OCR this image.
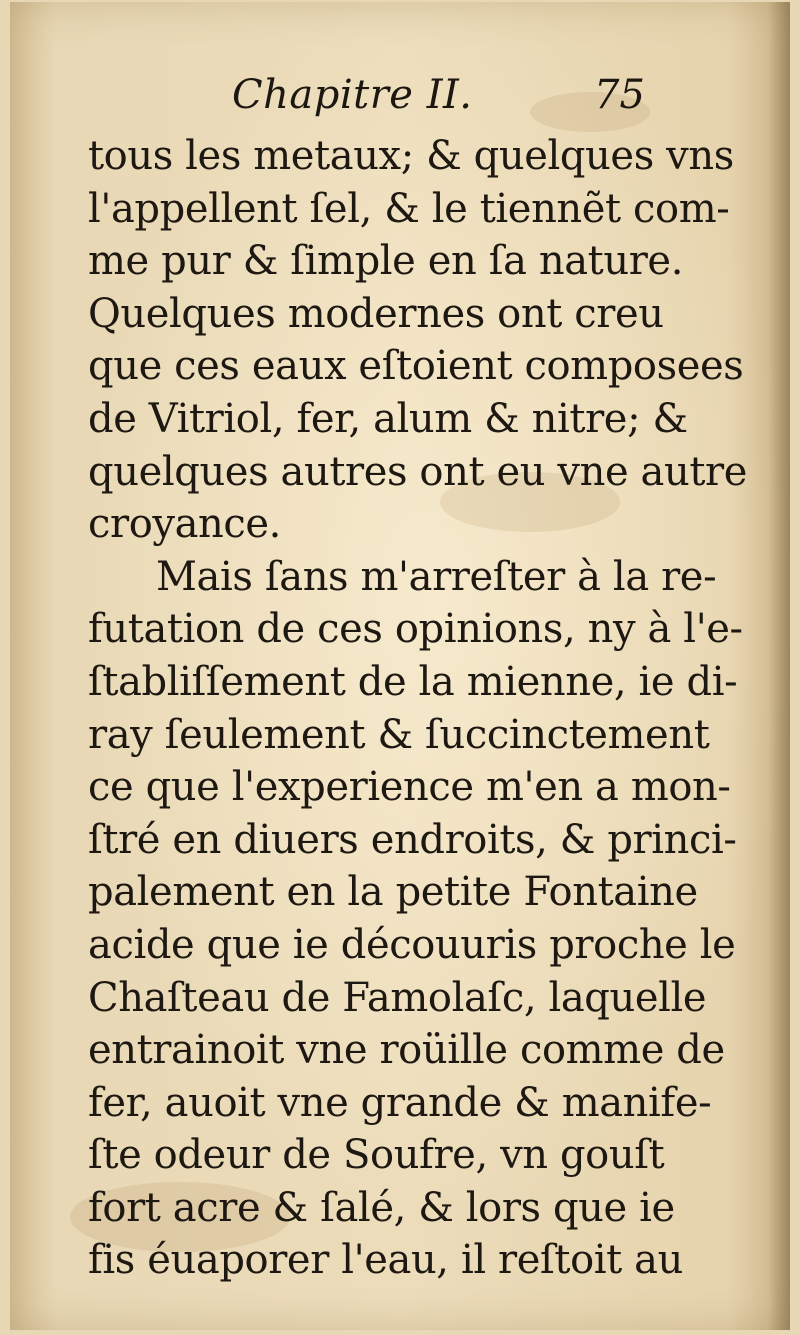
Chapitre II.	75
tous les metaux; & quelques vns
l'appellent ſel, & le tiennẽt com-
me pur & ſimple en ſa nature.
Quelques modernes ont creu
que ces eaux eſtoient composees
de Vitriol, fer, alum & nitre; &
quelques autres ont eu vne autre
croyance.
Mais ſans m'arreſter à la re-
futation de ces opinions, ny à l'e-
ſtabliſſement de la mienne, ie di-
ray ſeulement & ſuccinctement
ce que l'experience m'en a mon-
ſtré en diuers endroits, & princi-
palement en la petite Fontaine
acide que ie découuris proche le
Chaſteau de Famolaſc, laquelle
entrainoit vne roüille comme de
fer, auoit vne grande & manife-
ſte odeur de Soufre, vn gouſt
fort acre & ſalé, & lors que ie
fis éuaporer l'eau, il reſtoit au
